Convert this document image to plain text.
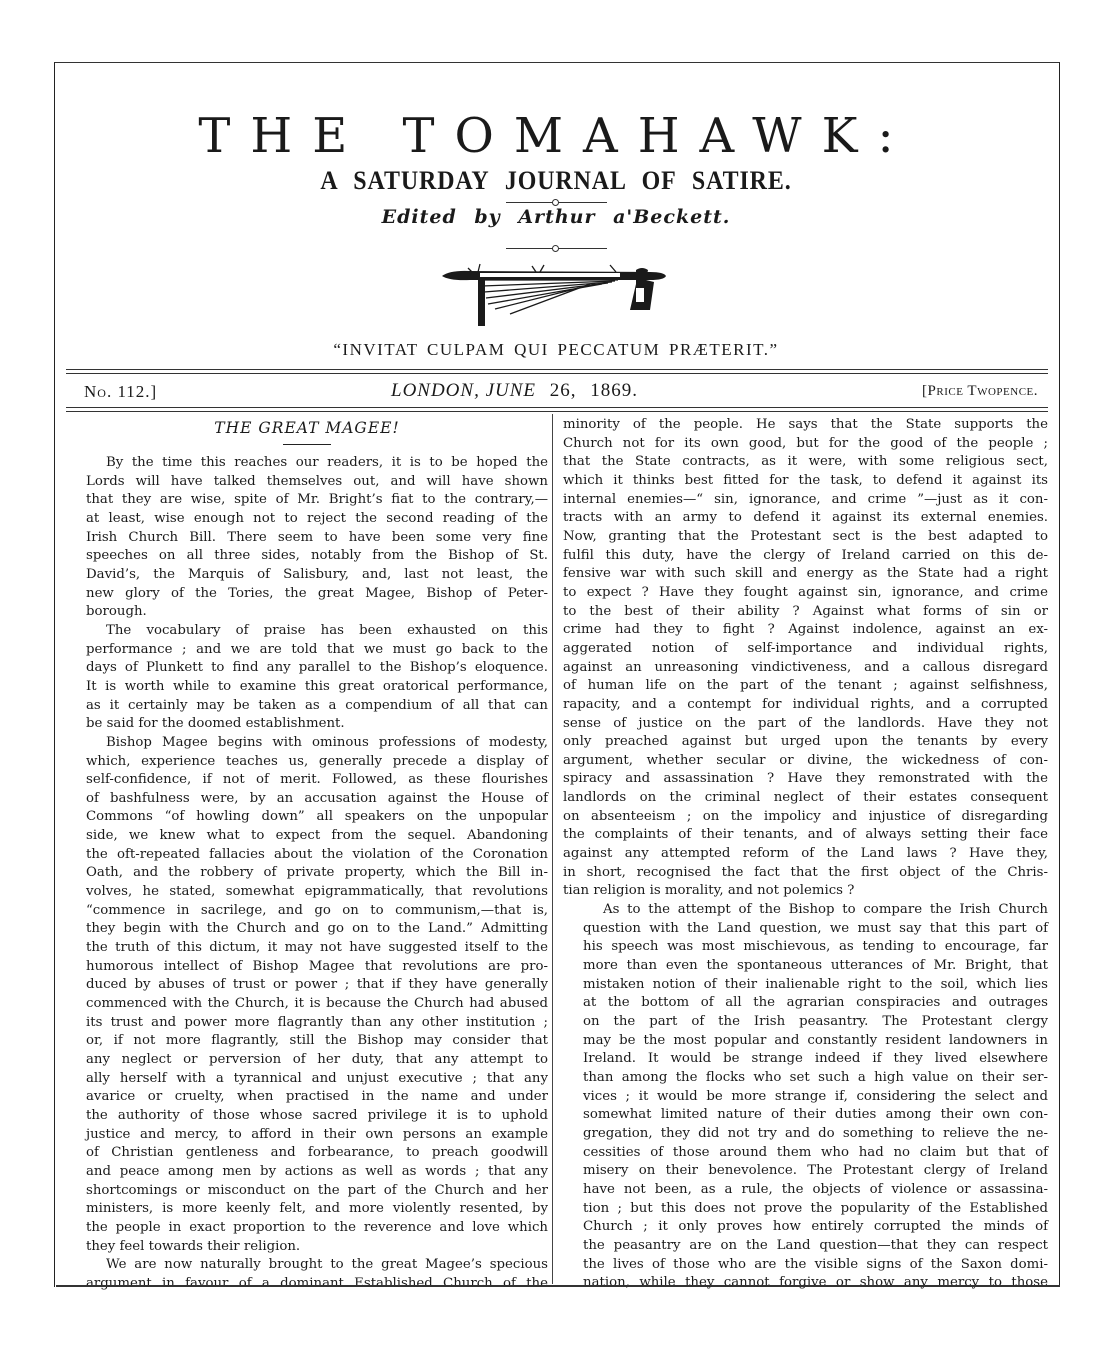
THE TOMAHAWK:
A SATURDAY JOURNAL OF SATIRE.
Edited by Arthur a'Beckett.
“INVITAT CULPAM QUI PECCATUM PRÆTERIT.”
No. 112.]	LONDON, JUNE 26, 1869.	[Price Twopence.
THE GREAT MAGEE!

By the time this reaches our readers, it is to be hoped the
Lords will have talked themselves out, and will have shown
that they are wise, spite of Mr. Bright’s fiat to the contrary,—
at least, wise enough not to reject the second reading of the
Irish Church Bill. There seem to have been some very fine
speeches on all three sides, notably from the Bishop of St.
David’s, the Marquis of Salisbury, and, last not least, the
new glory of the Tories, the great Magee, Bishop of Peter-
borough.

The vocabulary of praise has been exhausted on this
performance ; and we are told that we must go back to the
days of Plunkett to find any parallel to the Bishop’s eloquence.
It is worth while to examine this great oratorical performance,
as it certainly may be taken as a compendium of all that can
be said for the doomed establishment.

Bishop Magee begins with ominous professions of modesty,
which, experience teaches us, generally precede a display of
self-confidence, if not of merit. Followed, as these flourishes
of bashfulness were, by an accusation against the House of
Commons “of howling down” all speakers on the unpopular
side, we knew what to expect from the sequel. Abandoning
the oft-repeated fallacies about the violation of the Coronation
Oath, and the robbery of private property, which the Bill in-
volves, he stated, somewhat epigrammatically, that revolutions
“commence in sacrilege, and go on to communism,—that is,
they begin with the Church and go on to the Land.” Admitting
the truth of this dictum, it may not have suggested itself to the
humorous intellect of Bishop Magee that revolutions are pro-
duced by abuses of trust or power ; that if they have generally
commenced with the Church, it is because the Church had abused
its trust and power more flagrantly than any other institution ;
or, if not more flagrantly, still the Bishop may consider that
any neglect or perversion of her duty, that any attempt to
ally herself with a tyrannical and unjust executive ; that any
avarice or cruelty, when practised in the name and under
the authority of those whose sacred privilege it is to uphold
justice and mercy, to afford in their own persons an example
of Christian gentleness and forbearance, to preach goodwill
and peace among men by actions as well as words ; that any
shortcomings or misconduct on the part of the Church and her
ministers, is more keenly felt, and more violently resented, by
the people in exact proportion to the reverence and love which
they feel towards their religion.

We are now naturally brought to the great Magee’s specious
argument in favour of a dominant Established Church of the

minority of the people. He says that the State supports the
Church not for its own good, but for the good of the people ;
that the State contracts, as it were, with some religious sect,
which it thinks best fitted for the task, to defend it against its
internal enemies—“ sin, ignorance, and crime ”—just as it con-
tracts with an army to defend it against its external enemies.
Now, granting that the Protestant sect is the best adapted to
fulfil this duty, have the clergy of Ireland carried on this de-
fensive war with such skill and energy as the State had a right
to expect ? Have they fought against sin, ignorance, and crime
to the best of their ability ? Against what forms of sin or
crime had they to fight ? Against indolence, against an ex-
aggerated notion of self-importance and individual rights,
against an unreasoning vindictiveness, and a callous disregard
of human life on the part of the tenant ; against selfishness,
rapacity, and a contempt for individual rights, and a corrupted
sense of justice on the part of the landlords. Have they not
only preached against but urged upon the tenants by every
argument, whether secular or divine, the wickedness of con-
spiracy and assassination ? Have they remonstrated with the
landlords on the criminal neglect of their estates consequent
on absenteeism ; on the impolicy and injustice of disregarding
the complaints of their tenants, and of always setting their face
against any attempted reform of the Land laws ? Have they,
in short, recognised the fact that the first object of the Chris-
tian religion is morality, and not polemics ?

As to the attempt of the Bishop to compare the Irish Church
question with the Land question, we must say that this part of
his speech was most mischievous, as tending to encourage, far
more than even the spontaneous utterances of Mr. Bright, that
mistaken notion of their inalienable right to the soil, which lies
at the bottom of all the agrarian conspiracies and outrages
on the part of the Irish peasantry. The Protestant clergy
may be the most popular and constantly resident landowners in
Ireland. It would be strange indeed if they lived elsewhere
than among the flocks who set such a high value on their ser-
vices ; it would be more strange if, considering the select and
somewhat limited nature of their duties among their own con-
gregation, they did not try and do something to relieve the ne-
cessities of those around them who had no claim but that of
misery on their benevolence. The Protestant clergy of Ireland
have not been, as a rule, the objects of violence or assassina-
tion ; but this does not prove the popularity of the Established
Church ; it only proves how entirely corrupted the minds of
the peasantry are on the Land question—that they can respect
the lives of those who are the visible signs of the Saxon domi-
nation, while they cannot forgive or show any mercy to those
